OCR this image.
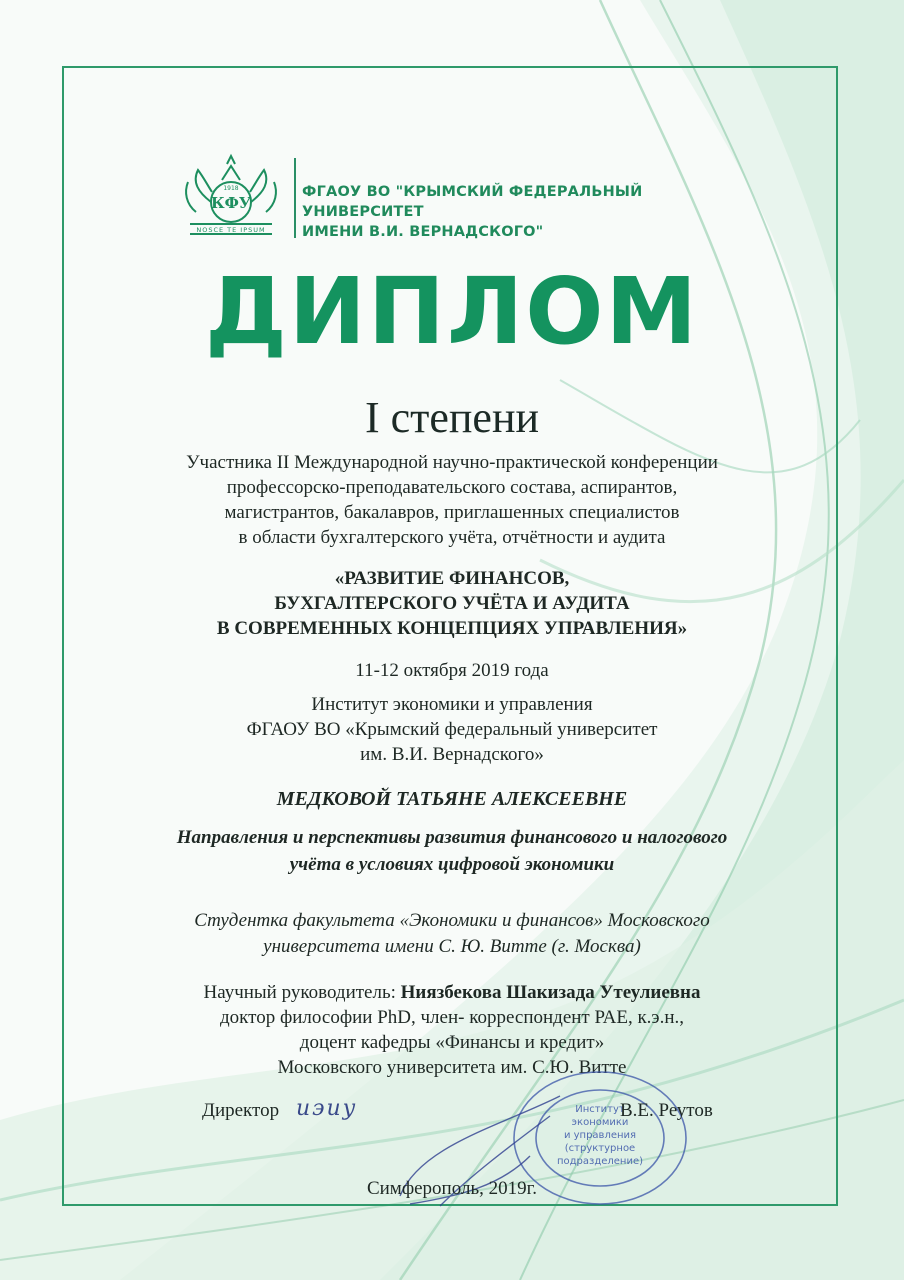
КФУ
1918
NOSCE TE IPSUM
ФГАОУ ВО "КРЫМСКИЙ ФЕДЕРАЛЬНЫЙ УНИВЕРСИТЕТ
ИМЕНИ В.И. ВЕРНАДСКОГО"
ДИПЛОМ
I степени

Участника II Международной научно-практической конференции

профессорско-преподавательского состава, аспирантов,

магистрантов, бакалавров, приглашенных специалистов

в области бухгалтерского учёта, отчётности и аудита

«РАЗВИТИЕ ФИНАНСОВ,
БУХГАЛТЕРСКОГО УЧЁТА И АУДИТА
В СОВРЕМЕННЫХ КОНЦЕПЦИЯХ УПРАВЛЕНИЯ»
11-12 октября 2019 года

Институт экономики и управления

ФГАОУ ВО «Крымский федеральный университет

им. В.И. Вернадского»

МЕДКОВОЙ ТАТЬЯНЕ АЛЕКСЕЕВНЕ
Направления и перспективы развития финансового и налогового
учёта в условиях цифровой экономики
Студентка факультета «Экономики и финансов» Московского
университета имени С. Ю. Витте (г. Москва)

Научный руководитель: Ниязбекова Шакизада Утеулиевна

доктор философии PhD, член- корреспондент РАЕ, к.э.н.,

доцент кафедры «Финансы и кредит»

Московского университета им. С.Ю. Витте

Институт
экономики
и управления
(структурное
подразделение)
Директор иэиу	В.Е. Реутов
Симферополь, 2019г.
